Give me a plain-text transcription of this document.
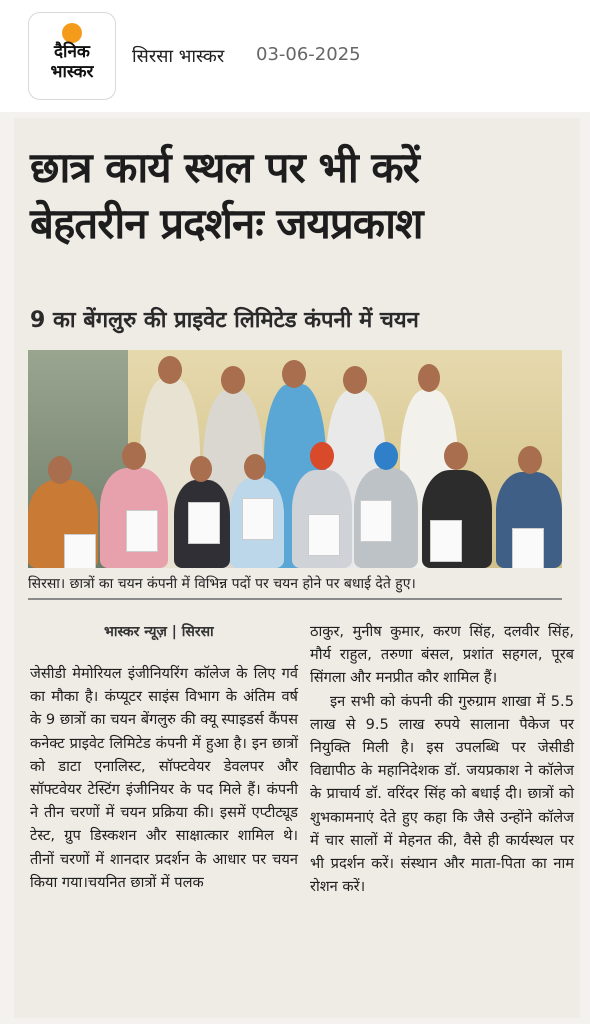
दैनिक
भास्कर
सिरसा भास्कर 03-06-2025
छात्र कार्य स्थल पर भी करें
बेहतरीन प्रदर्शनः जयप्रकाश
9 का बेंगलुरु की प्राइवेट लिमिटेड कंपनी में चयन
सिरसा। छात्रों का चयन कंपनी में विभिन्न पदों पर चयन होने पर बधाई देते हुए।
भास्कर न्यूज़ | सिरसा

जेसीडी मेमोरियल इंजीनियरिंग कॉलेज के लिए गर्व का मौका है। कंप्यूटर साइंस विभाग के अंतिम वर्ष के 9 छात्रों का चयन बेंगलुरु की क्यू स्पाइडर्स कैंपस कनेक्ट प्राइवेट लिमिटेड कंपनी में हुआ है। इन छात्रों को डाटा एनालिस्ट, सॉफ्टवेयर डेवलपर और सॉफ्टवेयर टेस्टिंग इंजीनियर के पद मिले हैं। कंपनी ने तीन चरणों में चयन प्रक्रिया की। इसमें एप्टीट्यूड टेस्ट, ग्रुप डिस्कशन और साक्षात्कार शामिल थे। तीनों चरणों में शानदार प्रदर्शन के आधार पर चयन किया गया।चयनित छात्रों में पलक

ठाकुर, मुनीष कुमार, करण सिंह, दलवीर सिंह, मौर्य राहुल, तरुणा बंसल, प्रशांत सहगल, पूरब सिंगला और मनप्रीत कौर शामिल हैं।

इन सभी को कंपनी की गुरुग्राम शाखा में 5.5 लाख से 9.5 लाख रुपये सालाना पैकेज पर नियुक्ति मिली है। इस उपलब्धि पर जेसीडी विद्यापीठ के महानिदेशक डॉ. जयप्रकाश ने कॉलेज के प्राचार्य डॉ. वरिंदर सिंह को बधाई दी। छात्रों को शुभकामनाएं देते हुए कहा कि जैसे उन्होंने कॉलेज में चार सालों में मेहनत की, वैसे ही कार्यस्थल पर भी प्रदर्शन करें। संस्थान और माता-पिता का नाम रोशन करें।
